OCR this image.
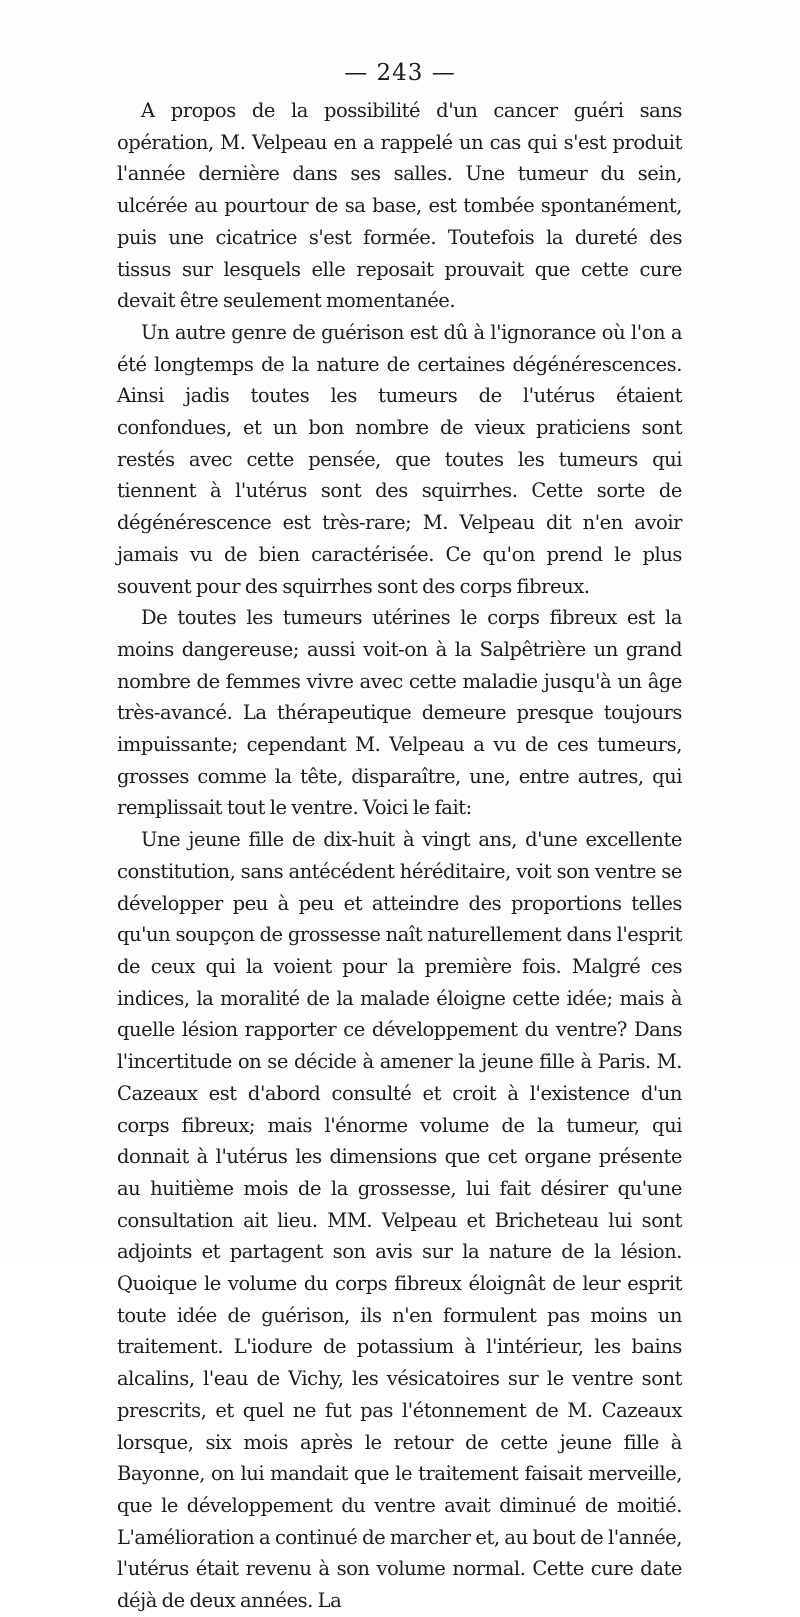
— 243 —

A propos de la possibilité d'un cancer guéri sans opération, M. Velpeau en a rappelé un cas qui s'est produit l'année dernière dans ses salles. Une tumeur du sein, ulcérée au pourtour de sa base, est tombée spontanément, puis une cicatrice s'est formée. Toutefois la dureté des tissus sur lesquels elle reposait prouvait que cette cure devait être seulement momentanée.

Un autre genre de guérison est dû à l'ignorance où l'on a été longtemps de la nature de certaines dégénérescences. Ainsi jadis toutes les tumeurs de l'utérus étaient confondues, et un bon nombre de vieux praticiens sont restés avec cette pensée, que toutes les tumeurs qui tiennent à l'utérus sont des squirrhes. Cette sorte de dégénérescence est très-rare; M. Velpeau dit n'en avoir jamais vu de bien caractérisée. Ce qu'on prend le plus souvent pour des squirrhes sont des corps fibreux.

De toutes les tumeurs utérines le corps fibreux est la moins dangereuse; aussi voit-on à la Salpêtrière un grand nombre de femmes vivre avec cette maladie jusqu'à un âge très-avancé. La thérapeutique demeure presque toujours impuissante; cependant M. Velpeau a vu de ces tumeurs, grosses comme la tête, disparaître, une, entre autres, qui remplissait tout le ventre. Voici le fait:

Une jeune fille de dix-huit à vingt ans, d'une excellente constitution, sans antécédent héréditaire, voit son ventre se développer peu à peu et atteindre des proportions telles qu'un soupçon de grossesse naît naturellement dans l'esprit de ceux qui la voient pour la première fois. Malgré ces indices, la moralité de la malade éloigne cette idée; mais à quelle lésion rapporter ce développement du ventre? Dans l'incertitude on se décide à amener la jeune fille à Paris. M. Cazeaux est d'abord consulté et croit à l'existence d'un corps fibreux; mais l'énorme volume de la tumeur, qui donnait à l'utérus les dimensions que cet organe présente au huitième mois de la grossesse, lui fait désirer qu'une consultation ait lieu. MM. Velpeau et Bricheteau lui sont adjoints et partagent son avis sur la nature de la lésion. Quoique le volume du corps fibreux éloignât de leur esprit toute idée de guérison, ils n'en formulent pas moins un traitement. L'iodure de potassium à l'intérieur, les bains alcalins, l'eau de Vichy, les vésicatoires sur le ventre sont prescrits, et quel ne fut pas l'étonnement de M. Cazeaux lorsque, six mois après le retour de cette jeune fille à Bayonne, on lui mandait que le traitement faisait merveille, que le développement du ventre avait diminué de moitié. L'amélioration a continué de marcher et, au bout de l'année, l'utérus était revenu à son volume normal. Cette cure date déjà de deux années. La
